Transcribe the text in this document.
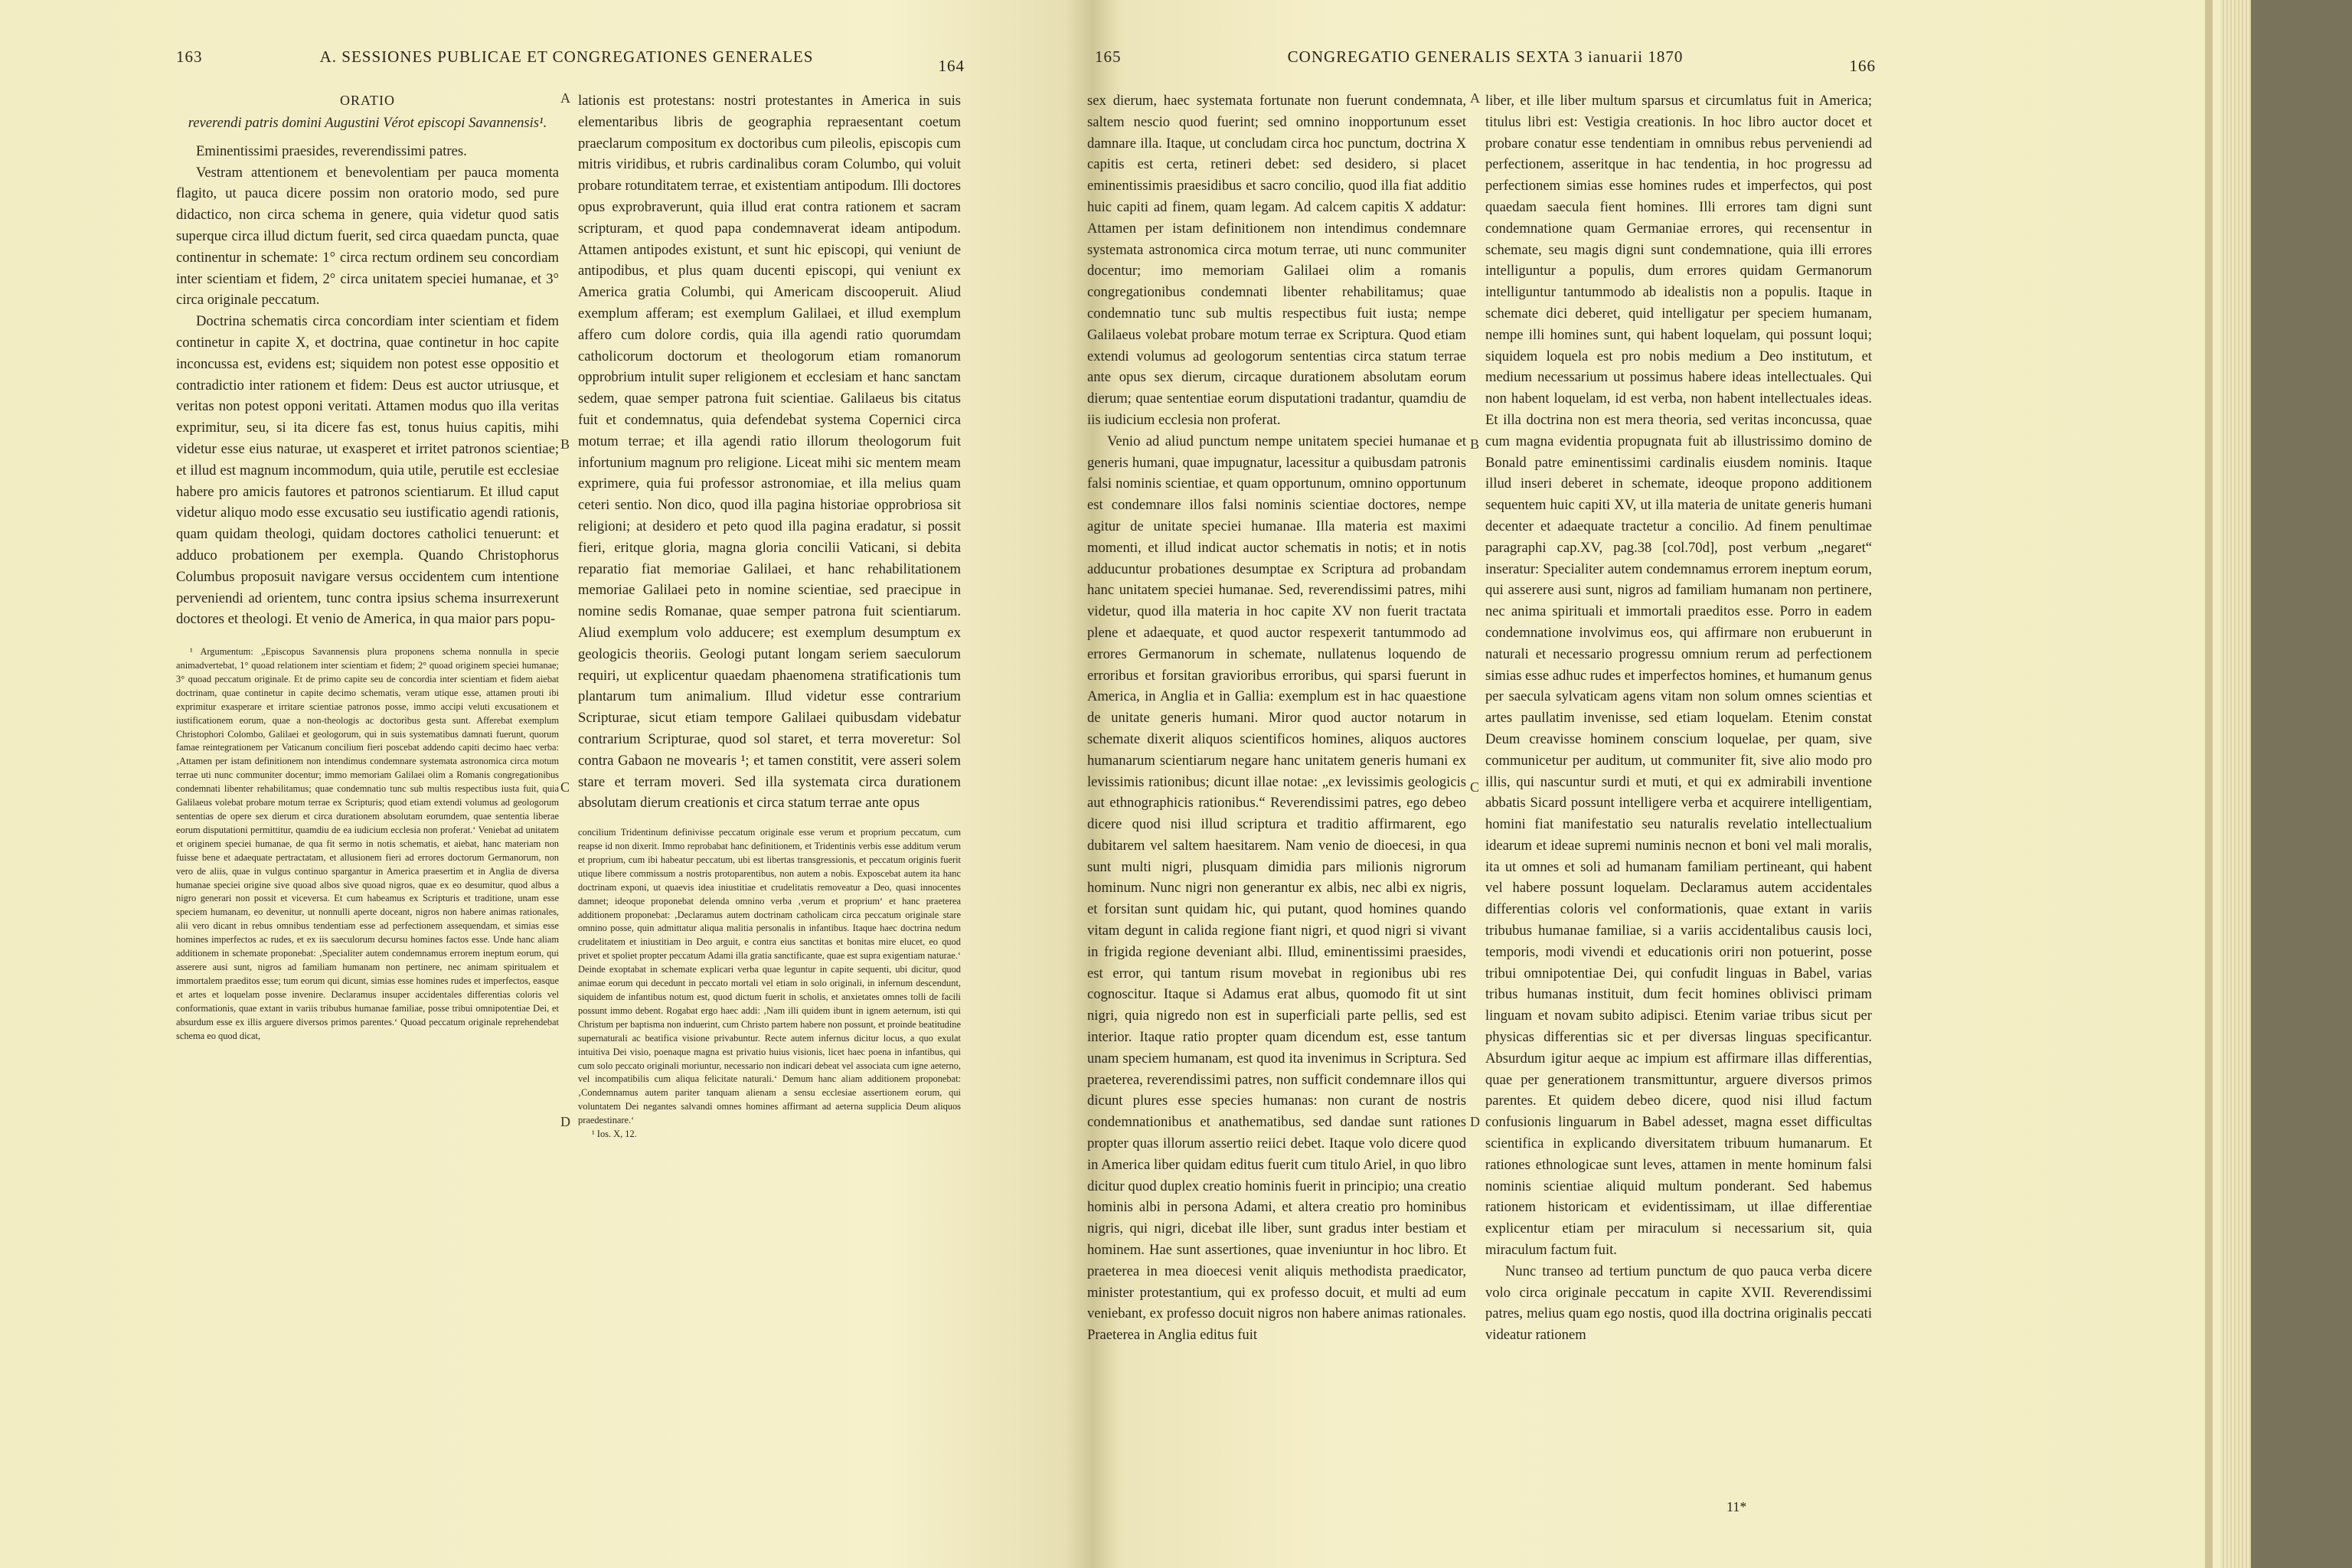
163	A. SESSIONES PUBLICAE ET CONGREGATIONES GENERALES	164
ORATIO
reverendi patris domini Augustini Vérot episcopi Savannensis¹.

Eminentissimi praesides, reverendissimi patres.

Vestram attentionem et benevolentiam per pauca momenta flagito, ut pauca dicere possim non oratorio modo, sed pure didactico, non circa schema in genere, quia videtur quod satis superque circa illud dictum fuerit, sed circa quaedam puncta, quae continentur in schemate: 1° circa rectum ordinem seu concordiam inter scientiam et fidem, 2° circa unitatem speciei humanae, et 3° circa originale peccatum.

Doctrina schematis circa concordiam inter scientiam et fidem continetur in capite X, et doctrina, quae continetur in hoc capite inconcussa est, evidens est; siquidem non potest esse oppositio et contradictio inter rationem et fidem: Deus est auctor utriusque, et veritas non potest opponi veritati. Attamen modus quo illa veritas exprimitur, seu, si ita dicere fas est, tonus huius capitis, mihi videtur esse eius naturae, ut exasperet et irritet patronos scientiae; et illud est magnum incommodum, quia utile, perutile est ecclesiae habere pro amicis fautores et patronos scientiarum. Et illud caput videtur aliquo modo esse excusatio seu iustificatio agendi rationis, quam quidam theologi, quidam doctores catholici tenuerunt: et adduco probationem per exempla. Quando Christophorus Columbus proposuit navigare versus occidentem cum intentione perveniendi ad orientem, tunc contra ipsius schema insurrexerunt doctores et theologi. Et venio de America, in qua maior pars popu-

¹ Argumentum: „Episcopus Savannensis plura proponens schema nonnulla in specie animadvertebat, 1° quoad relationem inter scientiam et fidem; 2° quoad originem speciei humanae; 3° quoad peccatum originale. Et de primo capite seu de concordia inter scientiam et fidem aiebat doctrinam, quae continetur in capite decimo schematis, veram utique esse, attamen prouti ibi exprimitur exasperare et irritare scientiae patronos posse, immo accipi veluti excusationem et iustificationem eorum, quae a non-theologis ac doctoribus gesta sunt. Afferebat exemplum Christophori Colombo, Galilaei et geologorum, qui in suis systematibus damnati fuerunt, quorum famae reintegrationem per Vaticanum concilium fieri poscebat addendo capiti decimo haec verba: ‚Attamen per istam definitionem non intendimus condemnare systemata astronomica circa motum terrae uti nunc communiter docentur; immo memoriam Galilaei olim a Romanis congregationibus condemnati libenter rehabilitamus; quae condemnatio tunc sub multis respectibus iusta fuit, quia Galilaeus volebat probare motum terrae ex Scripturis; quod etiam extendi volumus ad geologorum sententias de opere sex dierum et circa durationem absolutam eorumdem, quae sententia liberae eorum disputationi permittitur, quamdiu de ea iudicium ecclesia non proferat.‘ Veniebat ad unitatem et originem speciei humanae, de qua fit sermo in notis schematis, et aiebat, hanc materiam non fuisse bene et adaequate pertractatam, et allusionem fieri ad errores doctorum Germanorum, non vero de aliis, quae in vulgus continuo spargantur in America praesertim et in Anglia de diversa humanae speciei origine sive quoad albos sive quoad nigros, quae ex eo desumitur, quod albus a nigro generari non possit et viceversa. Et cum habeamus ex Scripturis et traditione, unam esse speciem humanam, eo devenitur, ut nonnulli aperte doceant, nigros non habere animas rationales, alii vero dicant in rebus omnibus tendentiam esse ad perfectionem assequendam, et simias esse homines imperfectos ac rudes, et ex iis saeculorum decursu homines factos esse. Unde hanc aliam additionem in schemate proponebat: ‚Specialiter autem condemnamus errorem ineptum eorum, qui asserere ausi sunt, nigros ad familiam humanam non pertinere, nec animam spiritualem et immortalem praeditos esse; tum eorum qui dicunt, simias esse homines rudes et imperfectos, easque et artes et loquelam posse invenire. Declaramus insuper accidentales differentias coloris vel conformationis, quae extant in variis tribubus humanae familiae, posse tribui omnipotentiae Dei, et absurdum esse ex illis arguere diversos primos parentes.‘ Quoad peccatum originale reprehendebat schema eo quod dicat,

A
B
C
D

lationis est protestans: nostri protestantes in America in suis elementaribus libris de geographia repraesentant coetum praeclarum compositum ex doctoribus cum pileolis, episcopis cum mitris viridibus, et rubris cardinalibus coram Columbo, qui voluit probare rotunditatem terrae, et existentiam antipodum. Illi doctores opus exprobraverunt, quia illud erat contra rationem et sacram scripturam, et quod papa condemnaverat ideam antipodum. Attamen antipodes existunt, et sunt hic episcopi, qui veniunt de antipodibus, et plus quam ducenti episcopi, qui veniunt ex America gratia Columbi, qui Americam discooperuit. Aliud exemplum afferam; est exemplum Galilaei, et illud exemplum affero cum dolore cordis, quia illa agendi ratio quorumdam catholicorum doctorum et theologorum etiam romanorum opprobrium intulit super religionem et ecclesiam et hanc sanctam sedem, quae semper patrona fuit scientiae. Galilaeus bis citatus fuit et condemnatus, quia defendebat systema Copernici circa motum terrae; et illa agendi ratio illorum theologorum fuit infortunium magnum pro religione. Liceat mihi sic mentem meam exprimere, quia fui professor astronomiae, et illa melius quam ceteri sentio. Non dico, quod illa pagina historiae opprobriosa sit religioni; at desidero et peto quod illa pagina eradatur, si possit fieri, eritque gloria, magna gloria concilii Vaticani, si debita reparatio fiat memoriae Galilaei, et hanc rehabilitationem memoriae Galilaei peto in nomine scientiae, sed praecipue in nomine sedis Romanae, quae semper patrona fuit scientiarum. Aliud exemplum volo adducere; est exemplum desumptum ex geologicis theoriis. Geologi putant longam seriem saeculorum requiri, ut explicentur quaedam phaenomena stratificationis tum plantarum tum animalium. Illud videtur esse contrarium Scripturae, sicut etiam tempore Galilaei quibusdam videbatur contrarium Scripturae, quod sol staret, et terra moveretur: Sol contra Gabaon ne movearis ¹; et tamen constitit, vere asseri solem stare et terram moveri. Sed illa systemata circa durationem absolutam dierum creationis et circa statum terrae ante opus

concilium Tridentinum definivisse peccatum originale esse verum et proprium peccatum, cum reapse id non dixerit. Immo reprobabat hanc definitionem, et Tridentinis verbis esse additum verum et proprium, cum ibi habeatur peccatum, ubi est libertas transgressionis, et peccatum originis fuerit utique libere commissum a nostris protoparentibus, non autem a nobis. Exposcebat autem ita hanc doctrinam exponi, ut quaevis idea iniustitiae et crudelitatis removeatur a Deo, quasi innocentes damnet; ideoque proponebat delenda omnino verba ‚verum et proprium‘ et hanc praeterea additionem proponebat: ‚Declaramus autem doctrinam catholicam circa peccatum originale stare omnino posse, quin admittatur aliqua malitia personalis in infantibus. Itaque haec doctrina nedum crudelitatem et iniustitiam in Deo arguit, e contra eius sanctitas et bonitas mire elucet, eo quod privet et spoliet propter peccatum Adami illa gratia sanctificante, quae est supra exigentiam naturae.‘ Deinde exoptabat in schemate explicari verba quae leguntur in capite sequenti, ubi dicitur, quod animae eorum qui decedunt in peccato mortali vel etiam in solo originali, in infernum descendunt, siquidem de infantibus notum est, quod dictum fuerit in scholis, et anxietates omnes tolli de facili possunt immo debent. Rogabat ergo haec addi: ‚Nam illi quidem ibunt in ignem aeternum, isti qui Christum per baptisma non induerint, cum Christo partem habere non possunt, et proinde beatitudine supernaturali ac beatifica visione privabuntur. Recte autem infernus dicitur locus, a quo exulat intuitiva Dei visio, poenaque magna est privatio huius visionis, licet haec poena in infantibus, qui cum solo peccato originali moriuntur, necessario non indicari debeat vel associata cum igne aeterno, vel incompatibilis cum aliqua felicitate naturali.‘ Demum hanc aliam additionem proponebat: ‚Condemnamus autem pariter tanquam alienam a sensu ecclesiae assertionem eorum, qui voluntatem Dei negantes salvandi omnes homines affirmant ad aeterna supplicia Deum aliquos praedestinare.‘

¹ Ios. X, 12.

165	CONGREGATIO GENERALIS SEXTA 3 ianuarii 1870	166

sex dierum, haec systemata fortunate non fuerunt condemnata, saltem nescio quod fuerint; sed omnino inopportunum esset damnare illa. Itaque, ut concludam circa hoc punctum, doctrina X capitis est certa, retineri debet: sed desidero, si placet eminentissimis praesidibus et sacro concilio, quod illa fiat additio huic capiti ad finem, quam legam. Ad calcem capitis X addatur: Attamen per istam definitionem non intendimus condemnare systemata astronomica circa motum terrae, uti nunc communiter docentur; imo memoriam Galilaei olim a romanis congregationibus condemnati libenter rehabilitamus; quae condemnatio tunc sub multis respectibus fuit iusta; nempe Galilaeus volebat probare motum terrae ex Scriptura. Quod etiam extendi volumus ad geologorum sententias circa statum terrae ante opus sex dierum, circaque durationem absolutam eorum dierum; quae sententiae eorum disputationi tradantur, quamdiu de iis iudicium ecclesia non proferat.

Venio ad aliud punctum nempe unitatem speciei humanae et generis humani, quae impugnatur, lacessitur a quibusdam patronis falsi nominis scientiae, et quam opportunum, omnino opportunum est condemnare illos falsi nominis scientiae doctores, nempe agitur de unitate speciei humanae. Illa materia est maximi momenti, et illud indicat auctor schematis in notis; et in notis adducuntur probationes desumptae ex Scriptura ad probandam hanc unitatem speciei humanae. Sed, reverendissimi patres, mihi videtur, quod illa materia in hoc capite XV non fuerit tractata plene et adaequate, et quod auctor respexerit tantummodo ad errores Germanorum in schemate, nullatenus loquendo de erroribus et forsitan gravioribus erroribus, qui sparsi fuerunt in America, in Anglia et in Gallia: exemplum est in hac quaestione de unitate generis humani. Miror quod auctor notarum in schemate dixerit aliquos scientificos homines, aliquos auctores humanarum scientiarum negare hanc unitatem generis humani ex levissimis rationibus; dicunt illae notae: „ex levissimis geologicis aut ethnographicis rationibus.“ Reverendissimi patres, ego debeo dicere quod nisi illud scriptura et traditio affirmarent, ego dubitarem vel saltem haesitarem. Nam venio de dioecesi, in qua sunt multi nigri, plusquam dimidia pars milionis nigrorum hominum. Nunc nigri non generantur ex albis, nec albi ex nigris, et forsitan sunt quidam hic, qui putant, quod homines quando vitam degunt in calida regione fiant nigri, et quod nigri si vivant in frigida regione deveniant albi. Illud, eminentissimi praesides, est error, qui tantum risum movebat in regionibus ubi res cognoscitur. Itaque si Adamus erat albus, quomodo fit ut sint nigri, quia nigredo non est in superficiali parte pellis, sed est interior. Itaque ratio propter quam dicendum est, esse tantum unam speciem humanam, est quod ita invenimus in Scriptura. Sed praeterea, reverendissimi patres, non sufficit condemnare illos qui dicunt plures esse species humanas: non curant de nostris condemnationibus et anathematibus, sed dandae sunt rationes propter quas illorum assertio reiici debet. Itaque volo dicere quod in America liber quidam editus fuerit cum titulo Ariel, in quo libro dicitur quod duplex creatio hominis fuerit in principio; una creatio hominis albi in persona Adami, et altera creatio pro hominibus nigris, qui nigri, dicebat ille liber, sunt gradus inter bestiam et hominem. Hae sunt assertiones, quae inveniuntur in hoc libro. Et praeterea in mea dioecesi venit aliquis methodista praedicator, minister protestantium, qui ex professo docuit, et multi ad eum veniebant, ex professo docuit nigros non habere animas rationales. Praeterea in Anglia editus fuit

A
B
C
D

liber, et ille liber multum sparsus et circumlatus fuit in America; titulus libri est: Vestigia creationis. In hoc libro auctor docet et probare conatur esse tendentiam in omnibus rebus perveniendi ad perfectionem, asseritque in hac tendentia, in hoc progressu ad perfectionem simias esse homines rudes et imperfectos, qui post quaedam saecula fient homines. Illi errores tam digni sunt condemnatione quam Germaniae errores, qui recensentur in schemate, seu magis digni sunt condemnatione, quia illi errores intelliguntur a populis, dum errores quidam Germanorum intelliguntur tantummodo ab idealistis non a populis. Itaque in schemate dici deberet, quid intelligatur per speciem humanam, nempe illi homines sunt, qui habent loquelam, qui possunt loqui; siquidem loquela est pro nobis medium a Deo institutum, et medium necessarium ut possimus habere ideas intellectuales. Qui non habent loquelam, id est verba, non habent intellectuales ideas. Et illa doctrina non est mera theoria, sed veritas inconcussa, quae cum magna evidentia propugnata fuit ab illustrissimo domino de Bonald patre eminentissimi cardinalis eiusdem nominis. Itaque illud inseri deberet in schemate, ideoque propono additionem sequentem huic capiti XV, ut illa materia de unitate generis humani decenter et adaequate tractetur a concilio. Ad finem penultimae paragraphi cap.XV, pag.38 [col.70d], post verbum „negaret“ inseratur: Specialiter autem condemnamus errorem ineptum eorum, qui asserere ausi sunt, nigros ad familiam humanam non pertinere, nec anima spirituali et immortali praeditos esse. Porro in eadem condemnatione involvimus eos, qui affirmare non erubuerunt in naturali et necessario progressu omnium rerum ad perfectionem simias esse adhuc rudes et imperfectos homines, et humanum genus per saecula sylvaticam agens vitam non solum omnes scientias et artes paullatim invenisse, sed etiam loquelam. Etenim constat Deum creavisse hominem conscium loquelae, per quam, sive communicetur per auditum, ut communiter fit, sive alio modo pro illis, qui nascuntur surdi et muti, et qui ex admirabili inventione abbatis Sicard possunt intelligere verba et acquirere intelligentiam, homini fiat manifestatio seu naturalis revelatio intellectualium idearum et ideae supremi numinis necnon et boni vel mali moralis, ita ut omnes et soli ad humanam familiam pertineant, qui habent vel habere possunt loquelam. Declaramus autem accidentales differentias coloris vel conformationis, quae extant in variis tribubus humanae familiae, si a variis accidentalibus causis loci, temporis, modi vivendi et educationis oriri non potuerint, posse tribui omnipotentiae Dei, qui confudit linguas in Babel, varias tribus humanas instituit, dum fecit homines oblivisci primam linguam et novam subito adipisci. Etenim variae tribus sicut per physicas differentias sic et per diversas linguas specificantur. Absurdum igitur aeque ac impium est affirmare illas differentias, quae per generationem transmittuntur, arguere diversos primos parentes. Et quidem debeo dicere, quod nisi illud factum confusionis linguarum in Babel adesset, magna esset difficultas scientifica in explicando diversitatem tribuum humanarum. Et rationes ethnologicae sunt leves, attamen in mente hominum falsi nominis scientiae aliquid multum ponderant. Sed habemus rationem historicam et evidentissimam, ut illae differentiae explicentur etiam per miraculum si necessarium sit, quia miraculum factum fuit.

Nunc transeo ad tertium punctum de quo pauca verba dicere volo circa originale peccatum in capite XVII. Reverendissimi patres, melius quam ego nostis, quod illa doctrina originalis peccati videatur rationem

11*
